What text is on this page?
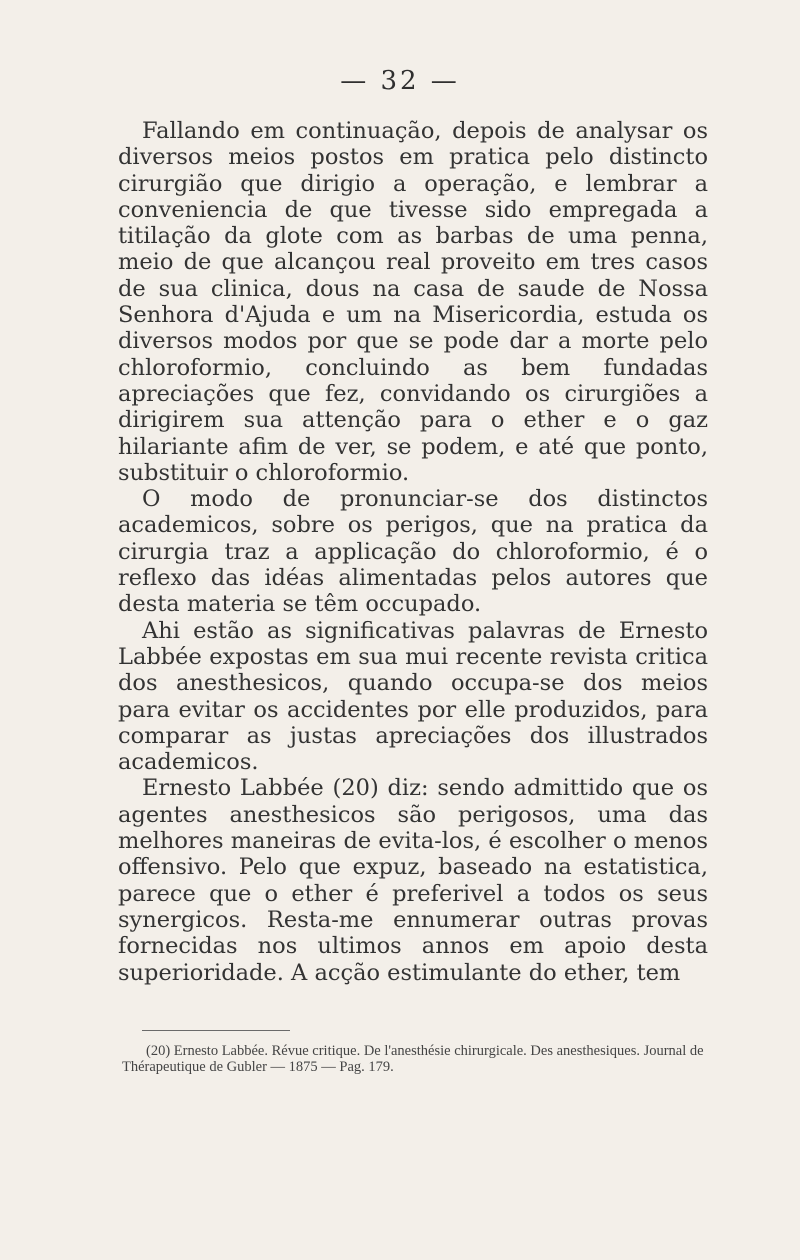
— 32 —

Fallando em continuação, depois de analysar os diversos meios postos em pratica pelo distincto cirurgião que dirigio a operação, e lembrar a conveniencia de que tivesse sido empregada a titilação da glote com as barbas de uma penna, meio de que alcançou real proveito em tres casos de sua clinica, dous na casa de saude de Nossa Senhora d'Ajuda e um na Misericordia, estuda os diversos modos por que se pode dar a morte pelo chloroformio, concluindo as bem fundadas apreciações que fez, convidando os cirurgiões a dirigirem sua attenção para o ether e o gaz hilariante afim de ver, se podem, e até que ponto, substituir o chloroformio.

O modo de pronunciar-se dos distinctos academicos, sobre os perigos, que na pratica da cirurgia traz a applicação do chloroformio, é o reflexo das idéas alimentadas pelos autores que desta materia se têm occupado.

Ahi estão as significativas palavras de Ernesto Labbée expostas em sua mui recente revista critica dos anesthesicos, quando occupa-se dos meios para evitar os accidentes por elle produzidos, para comparar as justas apreciações dos illustrados academicos.

Ernesto Labbée (20) diz: sendo admittido que os agentes anesthesicos são perigosos, uma das melhores maneiras de evita-los, é escolher o menos offensivo. Pelo que expuz, baseado na estatistica, parece que o ether é preferivel a todos os seus synergicos. Resta-me ennumerar outras provas fornecidas nos ultimos annos em apoio desta superioridade. A acção estimulante do ether, tem

(20) Ernesto Labbée. Révue critique. De l'anesthésie chirurgicale. Des anesthesiques. Journal de Thérapeutique de Gubler — 1875 — Pag. 179.
